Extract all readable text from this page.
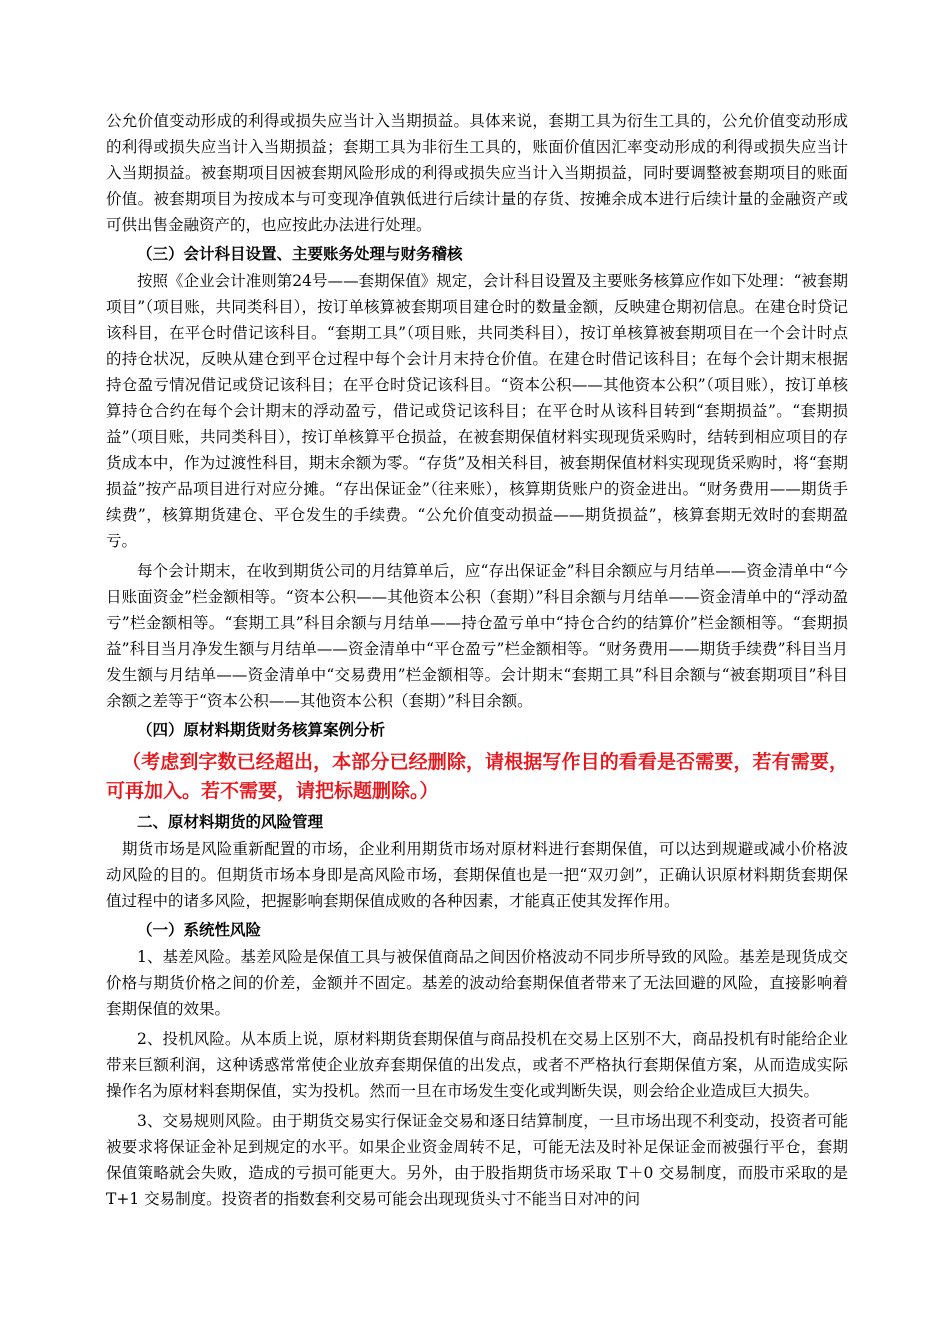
公允价值变动形成的利得或损失应当计入当期损益。具体来说，套期工具为衍生工具的，公允价值变动形成的利得或损失应当计入当期损益；套期工具为非衍生工具的，账面价值因汇率变动形成的利得或损失应当计入当期损益。被套期项目因被套期风险形成的利得或损失应当计入当期损益，同时要调整被套期项目的账面价值。被套期项目为按成本与可变现净值孰低进行后续计量的存货、按摊余成本进行后续计量的金融资产或可供出售金融资产的，也应按此办法进行处理。

（三）会计科目设置、主要账务处理与财务稽核

按照《企业会计准则第24号——套期保值》规定，会计科目设置及主要账务核算应作如下处理：“被套期项目”（项目账，共同类科目），按订单核算被套期项目建仓时的数量金额，反映建仓期初信息。在建仓时贷记该科目，在平仓时借记该科目。“套期工具”（项目账，共同类科目），按订单核算被套期项目在一个会计时点的持仓状况，反映从建仓到平仓过程中每个会计月末持仓价值。在建仓时借记该科目；在每个会计期末根据持仓盈亏情况借记或贷记该科目；在平仓时贷记该科目。“资本公积——其他资本公积”（项目账），按订单核算持仓合约在每个会计期末的浮动盈亏，借记或贷记该科目；在平仓时从该科目转到“套期损益”。“套期损益”（项目账，共同类科目），按订单核算平仓损益，在被套期保值材料实现现货采购时，结转到相应项目的存货成本中，作为过渡性科目，期末余额为零。“存货”及相关科目，被套期保值材料实现现货采购时，将“套期损益”按产品项目进行对应分摊。“存出保证金”（往来账），核算期货账户的资金进出。“财务费用——期货手续费”，核算期货建仓、平仓发生的手续费。“公允价值变动损益——期货损益”，核算套期无效时的套期盈亏。

每个会计期末，在收到期货公司的月结算单后，应“存出保证金”科目余额应与月结单——资金清单中“今日账面资金”栏金额相等。“资本公积——其他资本公积（套期）”科目余额与月结单——资金清单中的“浮动盈亏”栏金额相等。“套期工具”科目余额与月结单——持仓盈亏单中“持仓合约的结算价”栏金额相等。“套期损益”科目当月净发生额与月结单——资金清单中“平仓盈亏”栏金额相等。“财务费用——期货手续费”科目当月发生额与月结单——资金清单中“交易费用”栏金额相等。会计期末“套期工具”科目余额与“被套期项目”科目余额之差等于“资本公积——其他资本公积（套期）”科目余额。

（四）原材料期货财务核算案例分析

（考虑到字数已经超出，本部分已经删除，请根据写作目的看看是否需要，若有需要，可再加入。若不需要，请把标题删除。）

二、原材料期货的风险管理

期货市场是风险重新配置的市场，企业利用期货市场对原材料进行套期保值，可以达到规避或减小价格波动风险的目的。但期货市场本身即是高风险市场，套期保值也是一把“双刃剑”，正确认识原材料期货套期保值过程中的诸多风险，把握影响套期保值成败的各种因素，才能真正使其发挥作用。

（一）系统性风险

1、基差风险。基差风险是保值工具与被保值商品之间因价格波动不同步所导致的风险。基差是现货成交价格与期货价格之间的价差，金额并不固定。基差的波动给套期保值者带来了无法回避的风险，直接影响着套期保值的效果。

2、投机风险。从本质上说，原材料期货套期保值与商品投机在交易上区别不大，商品投机有时能给企业带来巨额利润，这种诱惑常常使企业放弃套期保值的出发点，或者不严格执行套期保值方案，从而造成实际操作名为原材料套期保值，实为投机。然而一旦在市场发生变化或判断失误，则会给企业造成巨大损失。

3、交易规则风险。由于期货交易实行保证金交易和逐日结算制度，一旦市场出现不利变动，投资者可能被要求将保证金补足到规定的水平。如果企业资金周转不足，可能无法及时补足保证金而被强行平仓，套期保值策略就会失败，造成的亏损可能更大。另外，由于股指期货市场采取 T＋0 交易制度，而股市采取的是 T+1 交易制度。投资者的指数套利交易可能会出现现货头寸不能当日对冲的问
